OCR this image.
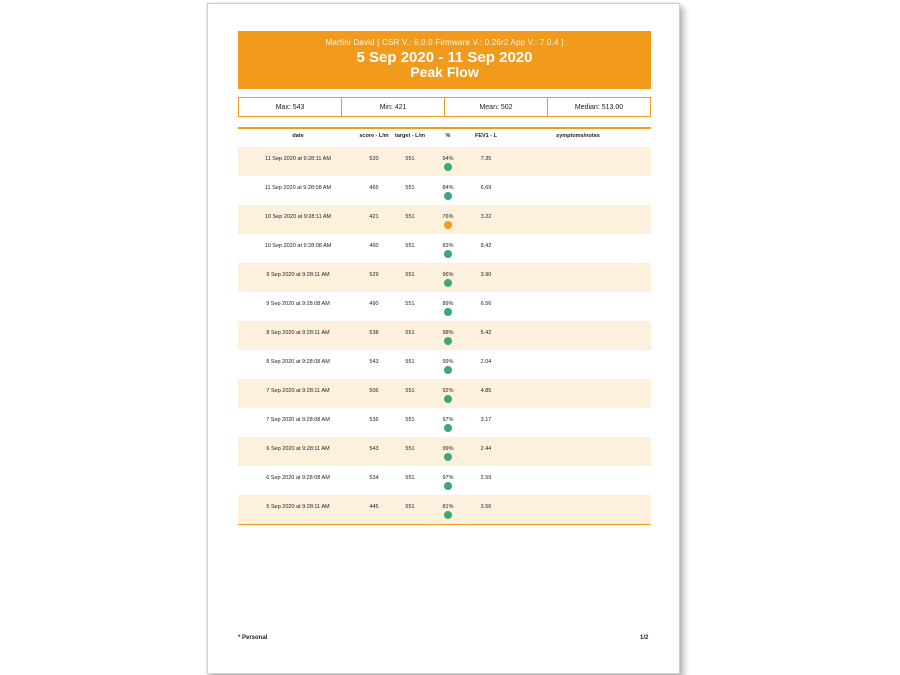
Martini David [ CSR V.: 6.0.0 Firmware V.: 0.26r2 App V.: 7.0.4 ]
5 Sep 2020 - 11 Sep 2020
Peak Flow
Max: 543	Min: 421	Mean: 502	Median: 513.00
date	score - L/m	target - L/m	%	FEV1 - L	symptoms/notes
11 Sep 2020 at 9:28:11 AM	520	551	94%	7.35
11 Sep 2020 at 9:28:08 AM	465	551	84%	6.69
10 Sep 2020 at 9:28:11 AM	421	551	76%	3.22
10 Sep 2020 at 9:28:08 AM	460	551	83%	8.42
9 Sep 2020 at 9:28:11 AM	529	551	96%	3.90
9 Sep 2020 at 9:28:08 AM	490	551	89%	6.56
8 Sep 2020 at 9:28:11 AM	538	551	98%	5.42
8 Sep 2020 at 9:28:08 AM	543	551	99%	2.04
7 Sep 2020 at 9:28:11 AM	506	551	92%	4.85
7 Sep 2020 at 9:28:08 AM	536	551	97%	3.17
6 Sep 2020 at 9:28:11 AM	543	551	99%	2.44
6 Sep 2020 at 9:28:08 AM	534	551	97%	2.59
5 Sep 2020 at 9:28:11 AM	445	551	81%	3.56
* Personal	1/2
